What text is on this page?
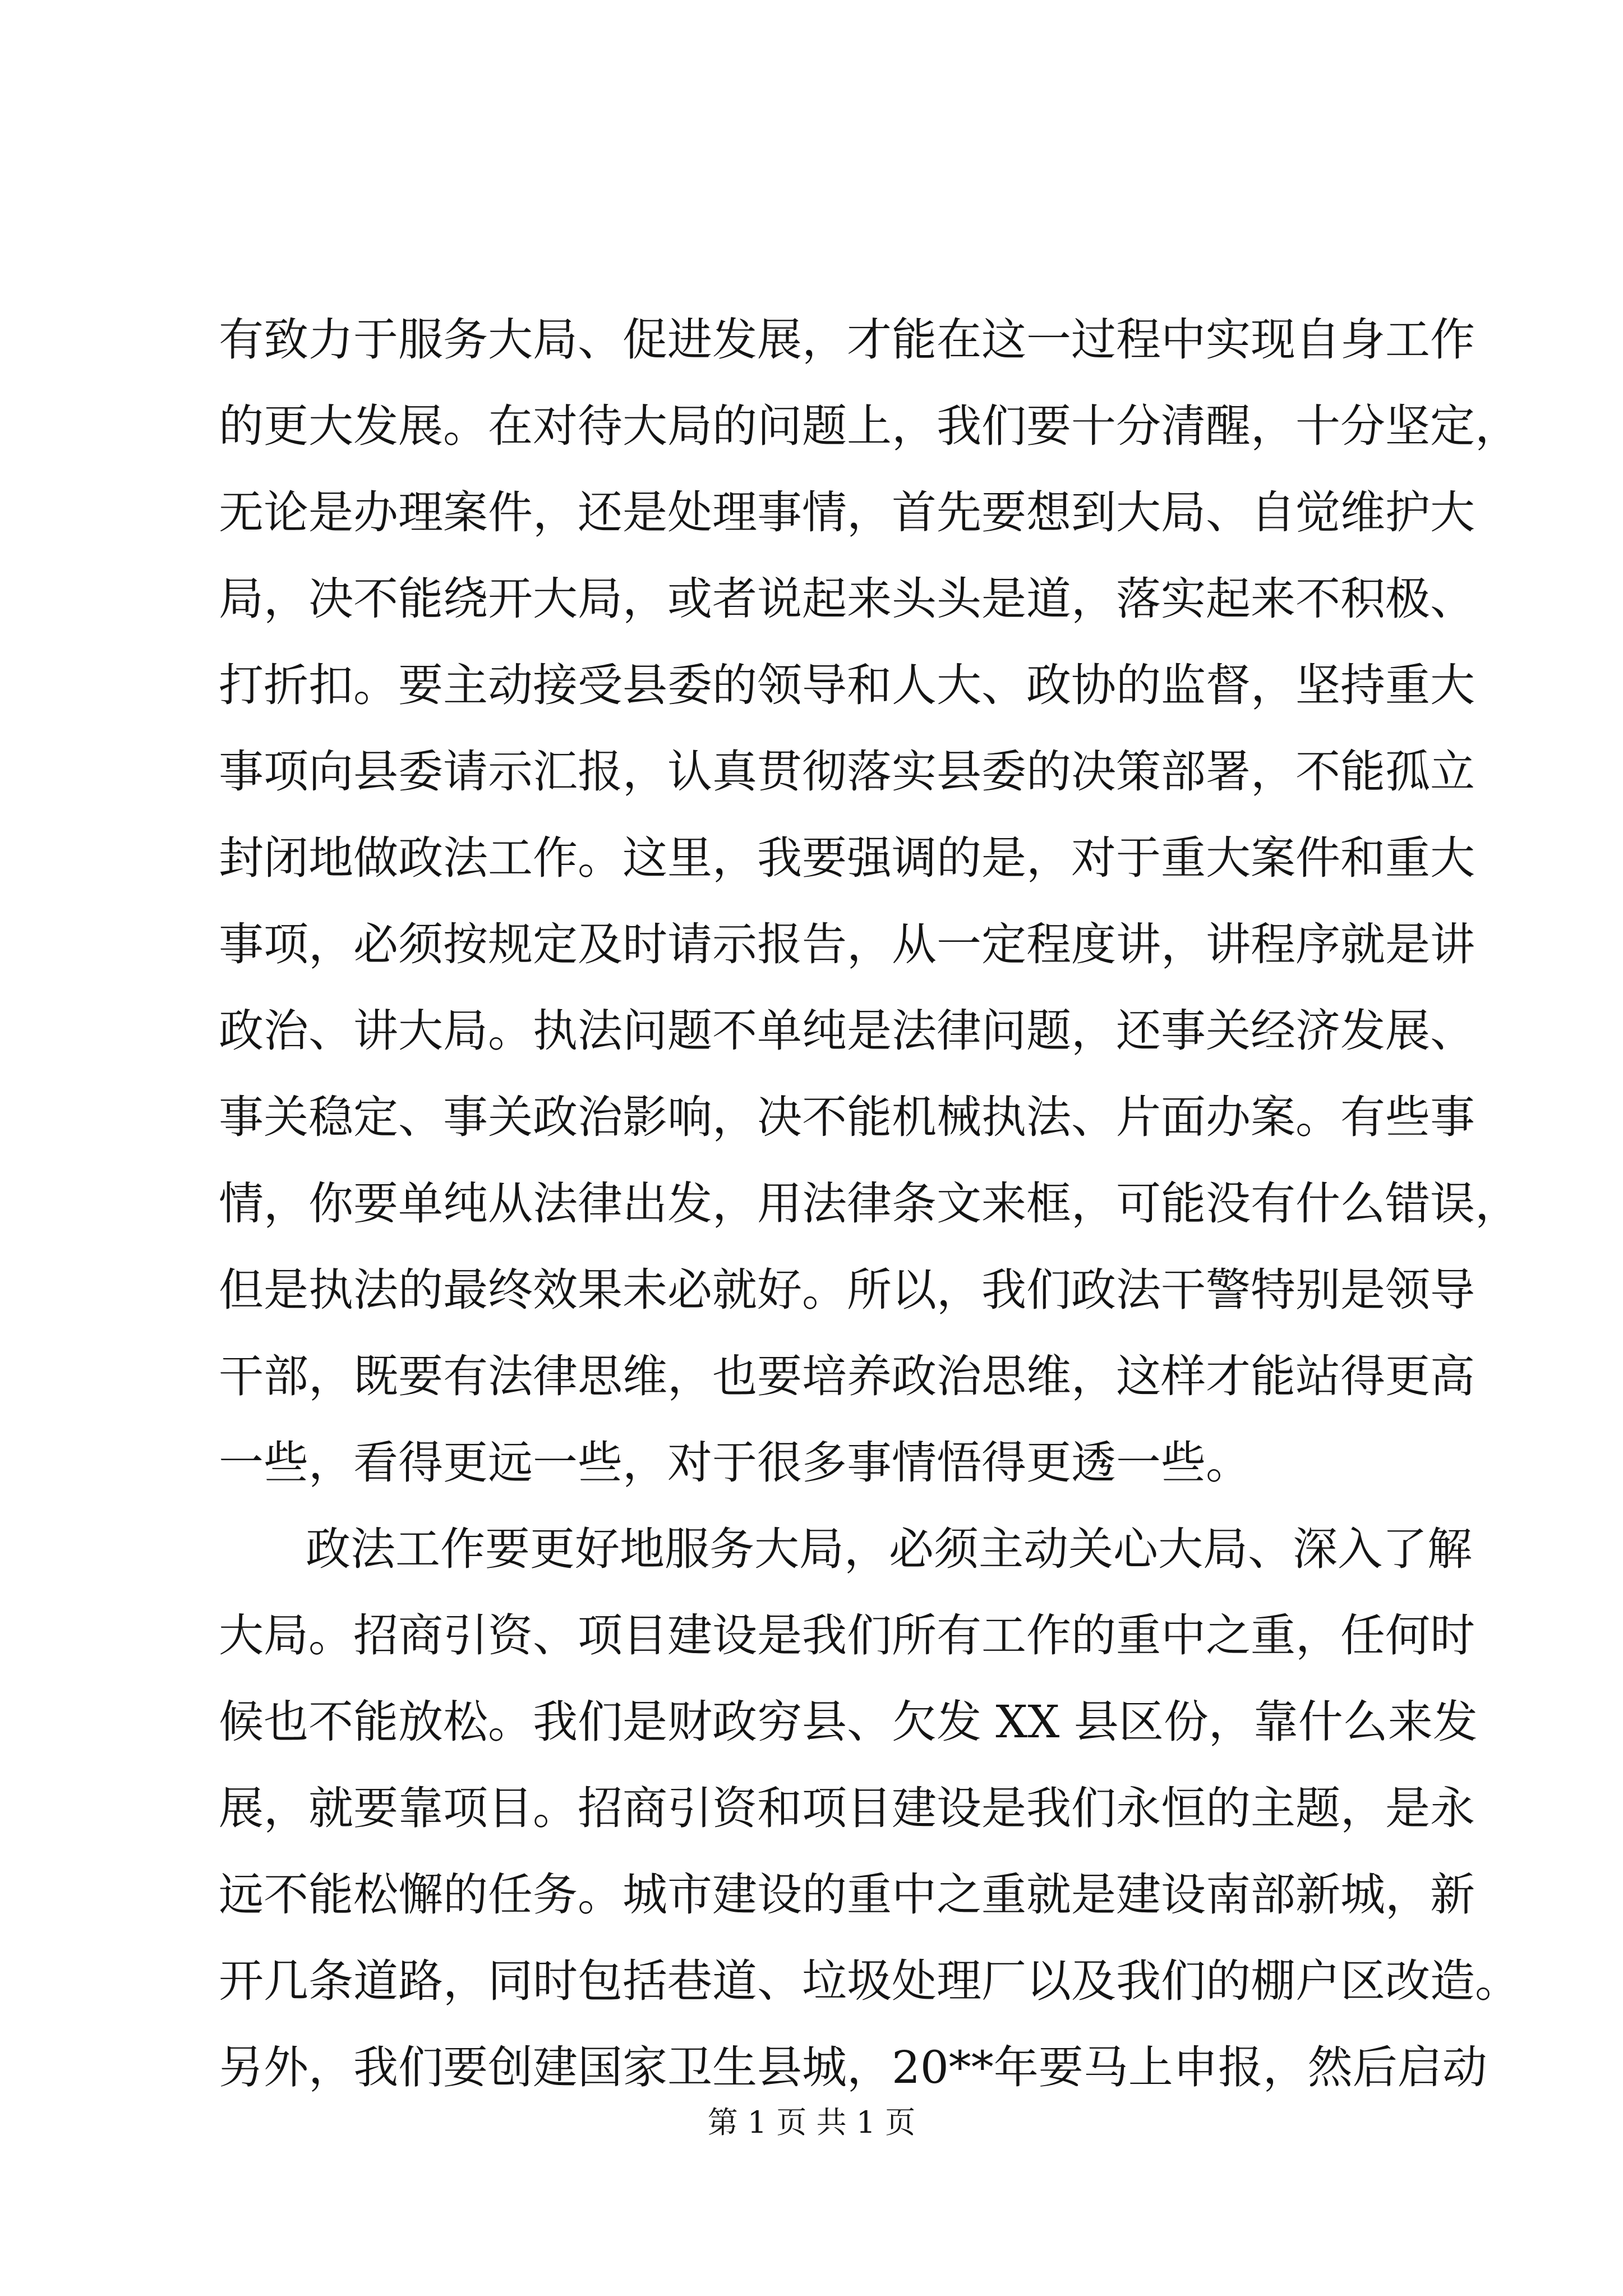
有致力于服务大局、促进发展，才能在这一过程中实现自身工作
的更大发展。在对待大局的问题上，我们要十分清醒，十分坚定，
无论是办理案件，还是处理事情，首先要想到大局、自觉维护大
局，决不能绕开大局，或者说起来头头是道，落实起来不积极、
打折扣。要主动接受县委的领导和人大、政协的监督，坚持重大
事项向县委请示汇报，认真贯彻落实县委的决策部署，不能孤立
封闭地做政法工作。这里，我要强调的是，对于重大案件和重大
事项，必须按规定及时请示报告，从一定程度讲，讲程序就是讲
政治、讲大局。执法问题不单纯是法律问题，还事关经济发展、
事关稳定、事关政治影响，决不能机械执法、片面办案。有些事
情，你要单纯从法律出发，用法律条文来框，可能没有什么错误，
但是执法的最终效果未必就好。所以，我们政法干警特别是领导
干部，既要有法律思维，也要培养政治思维，这样才能站得更高
一些，看得更远一些，对于很多事情悟得更透一些。
政法工作要更好地服务大局，必须主动关心大局、深入了解
大局。招商引资、项目建设是我们所有工作的重中之重，任何时
候也不能放松。我们是财政穷县、欠发 XX 县区份，靠什么来发
展，就要靠项目。招商引资和项目建设是我们永恒的主题，是永
远不能松懈的任务。城市建设的重中之重就是建设南部新城，新
开几条道路，同时包括巷道、垃圾处理厂以及我们的棚户区改造。
另外，我们要创建国家卫生县城，20**年要马上申报，然后启动
第 1 页 共 1 页
